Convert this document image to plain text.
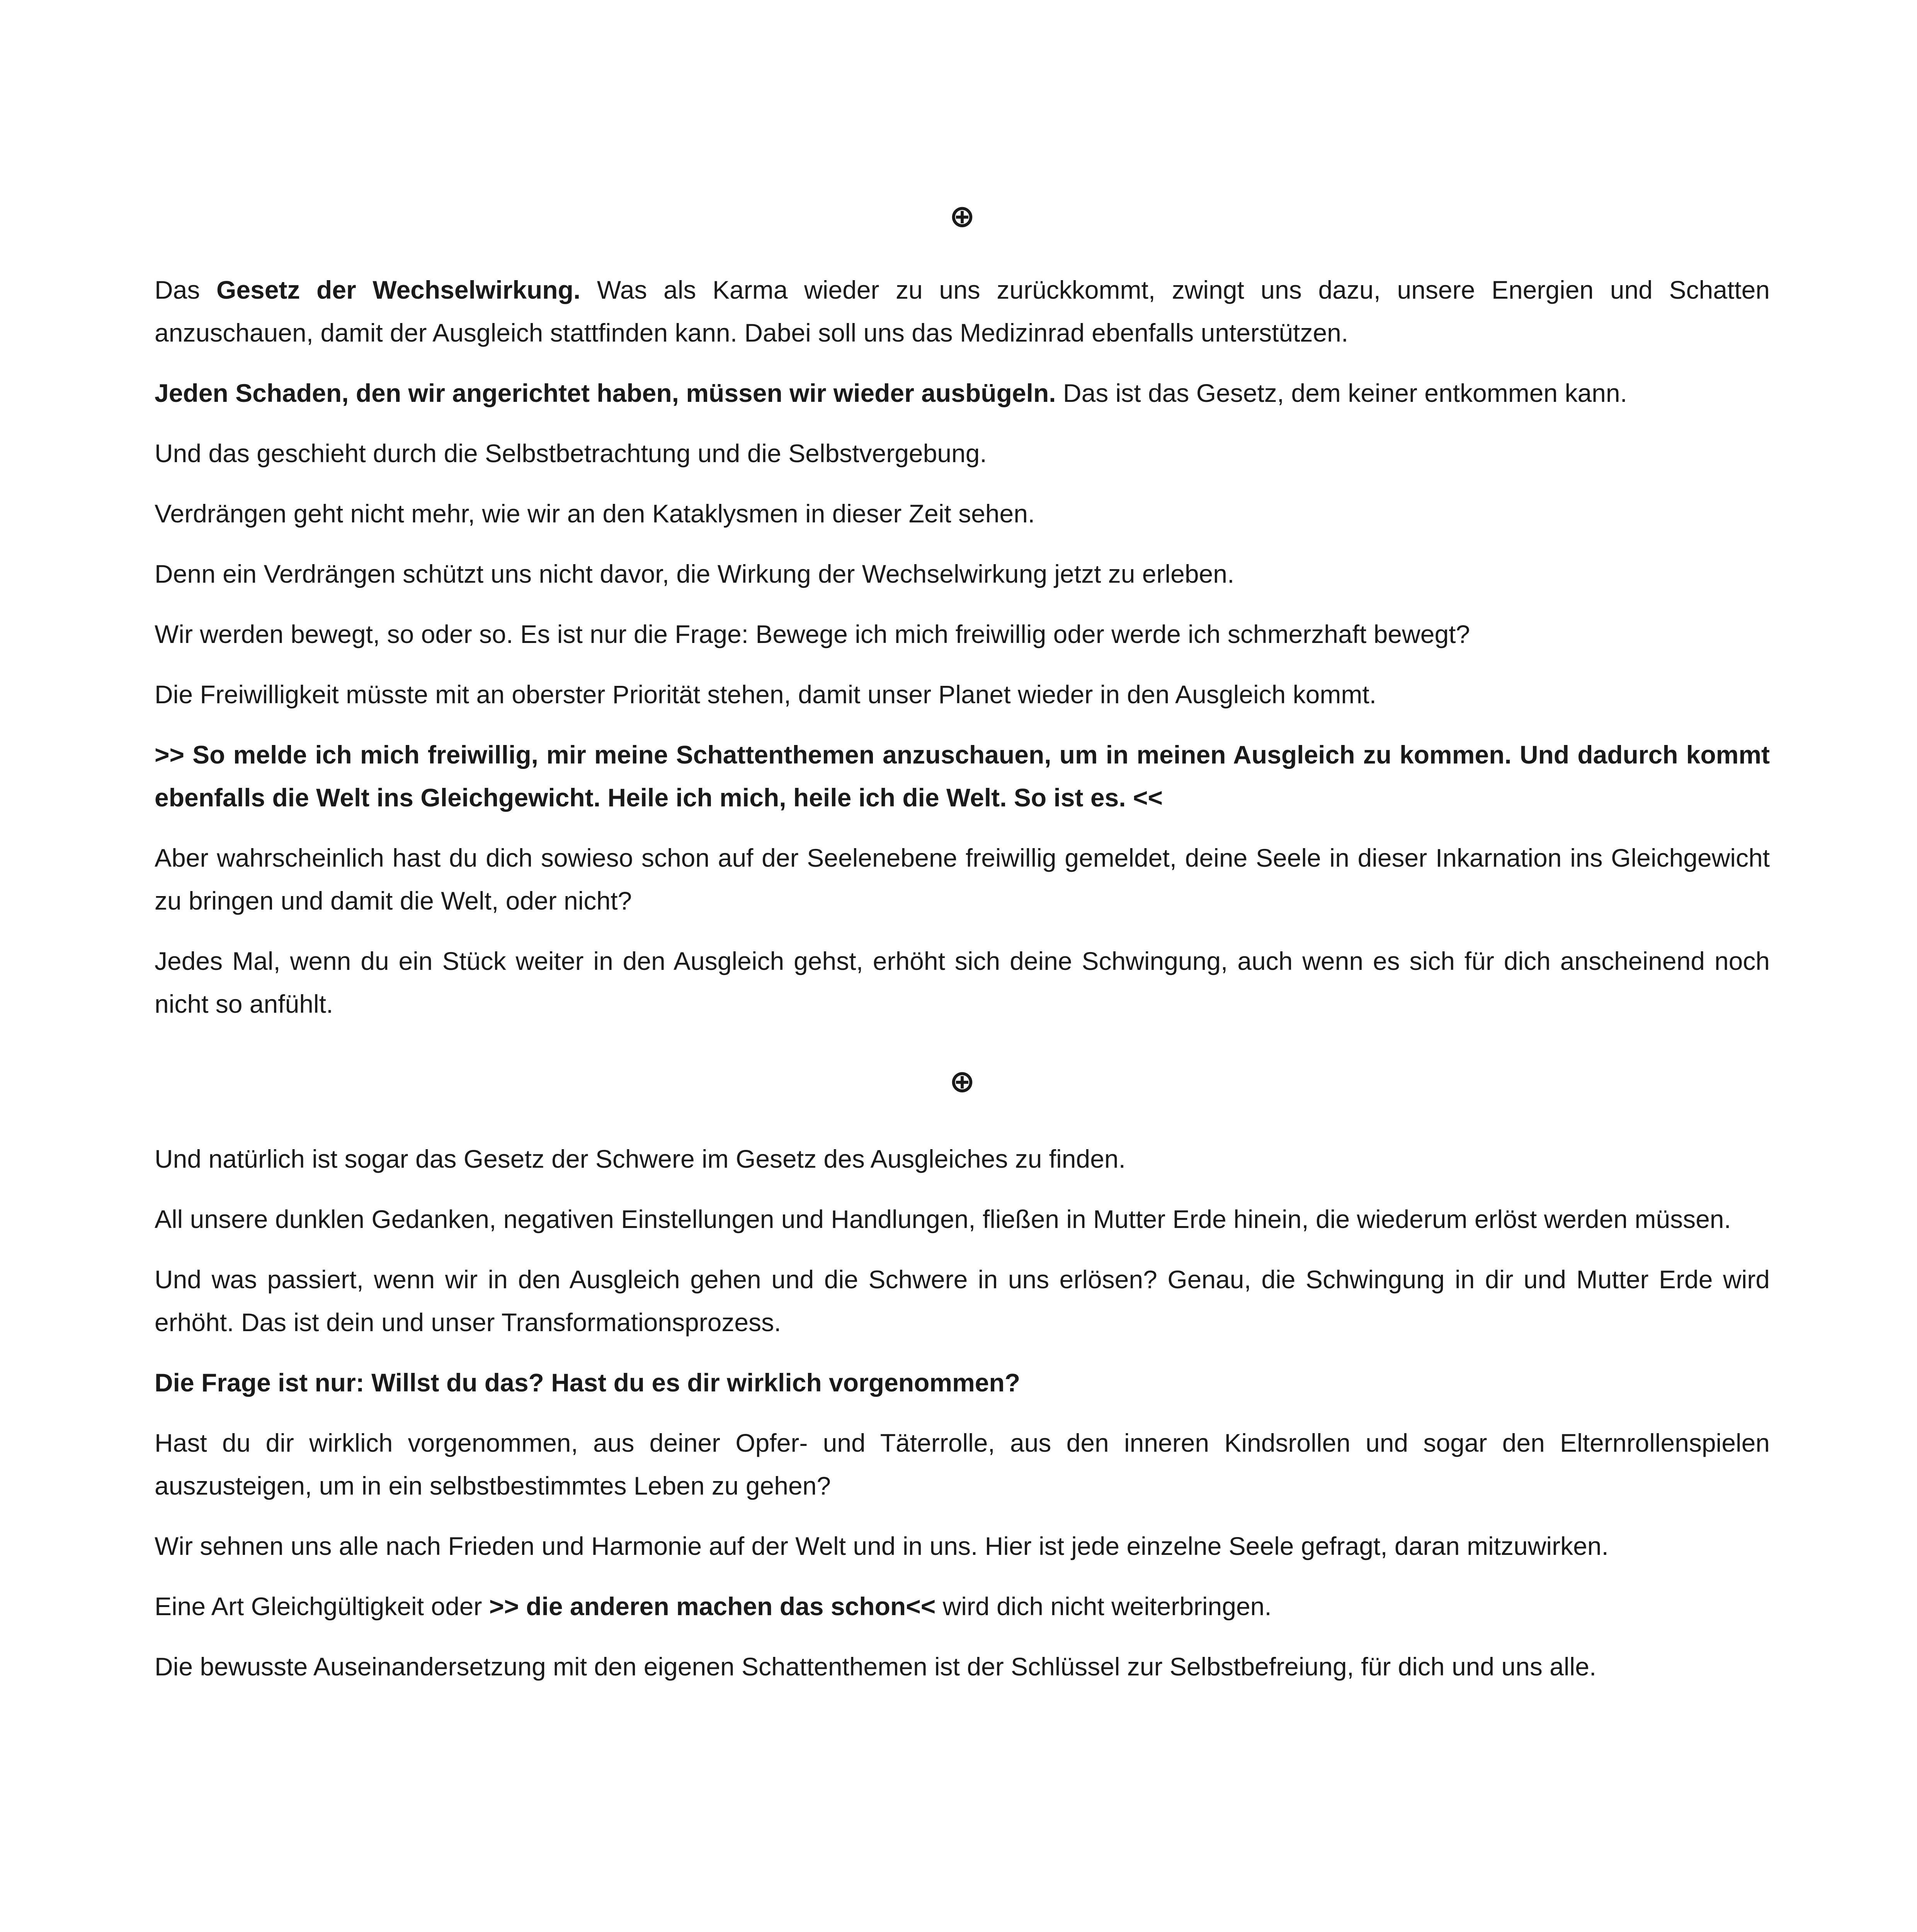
⊕

Das Gesetz der Wechselwirkung. Was als Karma wieder zu uns zurückkommt, zwingt uns dazu, unsere Energien und Schatten anzuschauen, damit der Ausgleich stattfinden kann. Dabei soll uns das Medizinrad ebenfalls unterstützen.

Jeden Schaden, den wir angerichtet haben, müssen wir wieder ausbügeln. Das ist das Gesetz, dem keiner entkommen kann.

Und das geschieht durch die Selbstbetrachtung und die Selbstvergebung.

Verdrängen geht nicht mehr, wie wir an den Kataklysmen in dieser Zeit sehen.

Denn ein Verdrängen schützt uns nicht davor, die Wirkung der Wechselwirkung jetzt zu erleben.

Wir werden bewegt, so oder so. Es ist nur die Frage: Bewege ich mich freiwillig oder werde ich schmerzhaft bewegt?

Die Freiwilligkeit müsste mit an oberster Priorität stehen, damit unser Planet wieder in den Ausgleich kommt.

>> So melde ich mich freiwillig, mir meine Schattenthemen anzuschauen, um in meinen Ausgleich zu kommen. Und dadurch kommt ebenfalls die Welt ins Gleichgewicht. Heile ich mich, heile ich die Welt. So ist es. <<

Aber wahrscheinlich hast du dich sowieso schon auf der Seelenebene freiwillig gemeldet, deine Seele in dieser Inkarnation ins Gleichgewicht zu bringen und damit die Welt, oder nicht?

Jedes Mal, wenn du ein Stück weiter in den Ausgleich gehst, erhöht sich deine Schwingung, auch wenn es sich für dich anscheinend noch nicht so anfühlt.

⊕

Und natürlich ist sogar das Gesetz der Schwere im Gesetz des Ausgleiches zu finden.

All unsere dunklen Gedanken, negativen Einstellungen und Handlungen, fließen in Mutter Erde hinein, die wiederum erlöst werden müssen.

Und was passiert, wenn wir in den Ausgleich gehen und die Schwere in uns erlösen? Genau, die Schwingung in dir und Mutter Erde wird erhöht. Das ist dein und unser Transformationsprozess.

Die Frage ist nur: Willst du das? Hast du es dir wirklich vorgenommen?

Hast du dir wirklich vorgenommen, aus deiner Opfer- und Täterrolle, aus den inneren Kindsrollen und sogar den Elternrollenspielen auszusteigen, um in ein selbstbestimmtes Leben zu gehen?

Wir sehnen uns alle nach Frieden und Harmonie auf der Welt und in uns. Hier ist jede einzelne Seele gefragt, daran mitzuwirken.

Eine Art Gleichgültigkeit oder >> die anderen machen das schon<< wird dich nicht weiterbringen.

Die bewusste Auseinandersetzung mit den eigenen Schattenthemen ist der Schlüssel zur Selbstbefreiung, für dich und uns alle.
